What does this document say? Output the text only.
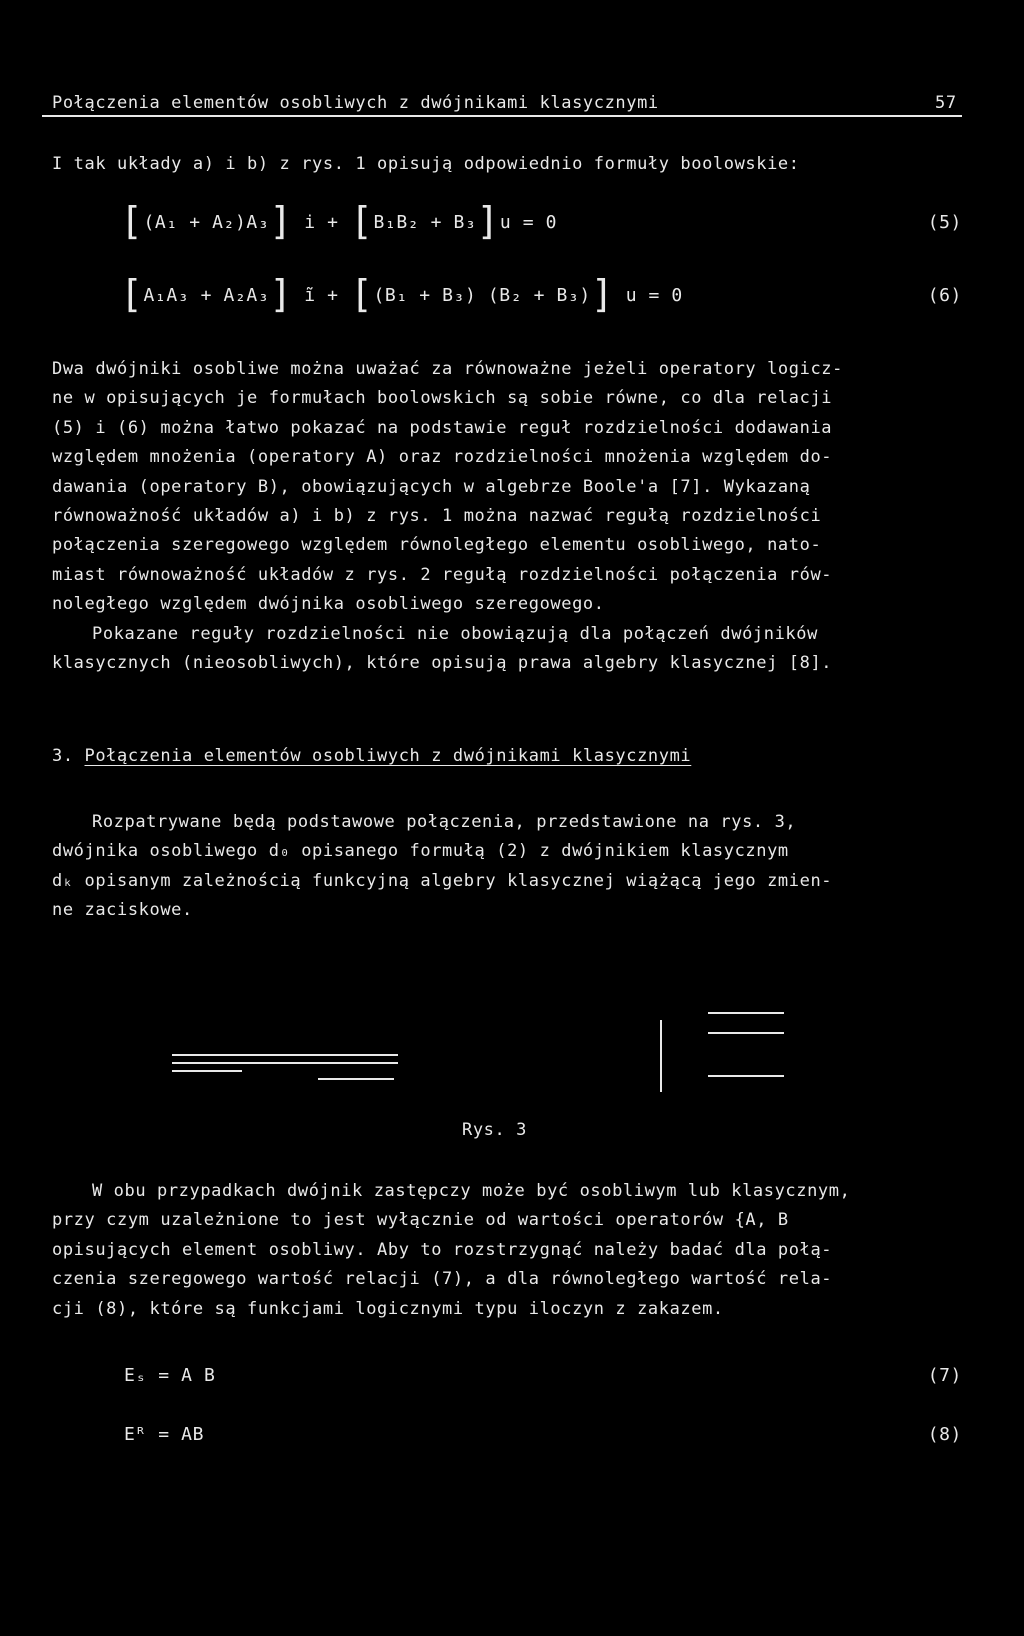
Połączenia elementów osobliwych z dwójnikami klasycznymi	57
I tak układy a) i b) z rys. 1 opisują odpowiednio formuły boolowskie:
[(A₁ + A₂)A₃] i + [B₁B₂ + B₃]u = 0	(5)
[A₁A₃ + A₂A₃] ĩ + [(B₁ + B₃) (B₂ + B₃)] u = 0	(6)

Dwa dwójniki osobliwe można uważać za równoważne jeżeli operatory logicz-

ne w opisujących je formułach boolowskich są sobie równe, co dla relacji

(5) i (6) można łatwo pokazać na podstawie reguł rozdzielności dodawania

względem mnożenia (operatory A) oraz rozdzielności mnożenia względem do-

dawania (operatory B), obowiązujących w algebrze Boole'a [7]. Wykazaną

równoważność układów a) i b) z rys. 1 można nazwać regułą rozdzielności

połączenia szeregowego względem równoległego elementu osobliwego, nato-

miast równoważność układów z rys. 2 regułą rozdzielności połączenia rów-

noległego względem dwójnika osobliwego szeregowego.

Pokazane reguły rozdzielności nie obowiązują dla połączeń dwójników

klasycznych (nieosobliwych), które opisują prawa algebry klasycznej [8].

3. Połączenia elementów osobliwych z dwójnikami klasycznymi

Rozpatrywane będą podstawowe połączenia, przedstawione na rys. 3,

dwójnika osobliwego d₀ opisanego formułą (2) z dwójnikiem klasycznym

dₖ opisanym zależnością funkcyjną algebry klasycznej wiążącą jego zmien-

ne zaciskowe.

Rys. 3

W obu przypadkach dwójnik zastępczy może być osobliwym lub klasycznym,

przy czym uzależnione to jest wyłącznie od wartości operatorów {A, B

opisujących element osobliwy. Aby to rozstrzygnąć należy badać dla połą-

czenia szeregowego wartość relacji (7), a dla równoległego wartość rela-

cji (8), które są funkcjami logicznymi typu iloczyn z zakazem.

Eₛ = A B	(7)
Eᴿ = AB	(8)
